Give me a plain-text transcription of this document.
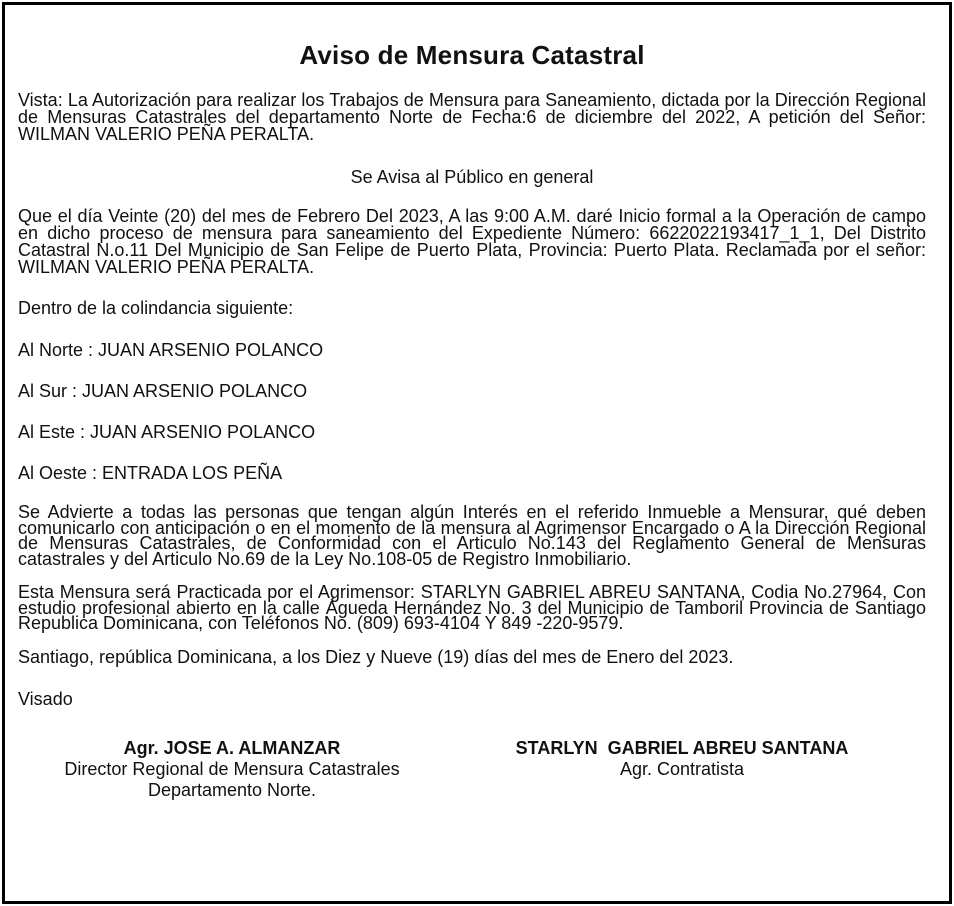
Aviso de Mensura Catastral

Vista: La Autorización para realizar los Trabajos de Mensura para Saneamiento, dictada por la Dirección Regional de Mensuras Catastrales del departamento Norte de Fecha:6 de diciembre del 2022, A petición del Señor: WILMAN VALERIO PEÑA PERALTA.

Se Avisa al Público en general

Que el día Veinte (20) del mes de Febrero Del 2023, A las 9:00 A.M. daré Inicio formal a la Operación de campo en dicho proceso de mensura para saneamiento del Expediente Número: 6622022193417_1_1, Del Distrito Catastral N.o.11 Del Municipio de San Felipe de Puerto Plata, Provincia: Puerto Plata. Reclamada por el señor: WILMAN VALERIO PEÑA PERALTA.

Dentro de la colindancia siguiente:

Al Norte : JUAN ARSENIO POLANCO

Al Sur : JUAN ARSENIO POLANCO

Al Este : JUAN ARSENIO POLANCO

Al Oeste : ENTRADA LOS PEÑA

Se Advierte a todas las personas que tengan algún Interés en el referido Inmueble a Mensurar, qué deben comunicarlo con anticipación o en el momento de la mensura al Agrimensor Encargado o A la Dirección Regional de Mensuras Catastrales, de Conformidad con el Articulo No.143 del Reglamento General de Mensuras catastrales y del Articulo No.69 de la Ley No.108-05 de Registro Inmobiliario.

Esta Mensura será Practicada por el Agrimensor: STARLYN GABRIEL ABREU SANTANA, Codia No.27964, Con estudio profesional abierto en la calle Águeda Hernández No. 3 del Municipio de Tamboril Provincia de Santiago Republica Dominicana, con Teléfonos No. (809) 693-4104 Y 849 -220-9579.

Santiago, república Dominicana, a los Diez y Nueve (19) días del mes de Enero del 2023.

Visado

Agr. JOSE A. ALMANZAR
Director Regional de Mensura Catastrales
Departamento Norte.
STARLYN  GABRIEL ABREU SANTANA
Agr. Contratista
